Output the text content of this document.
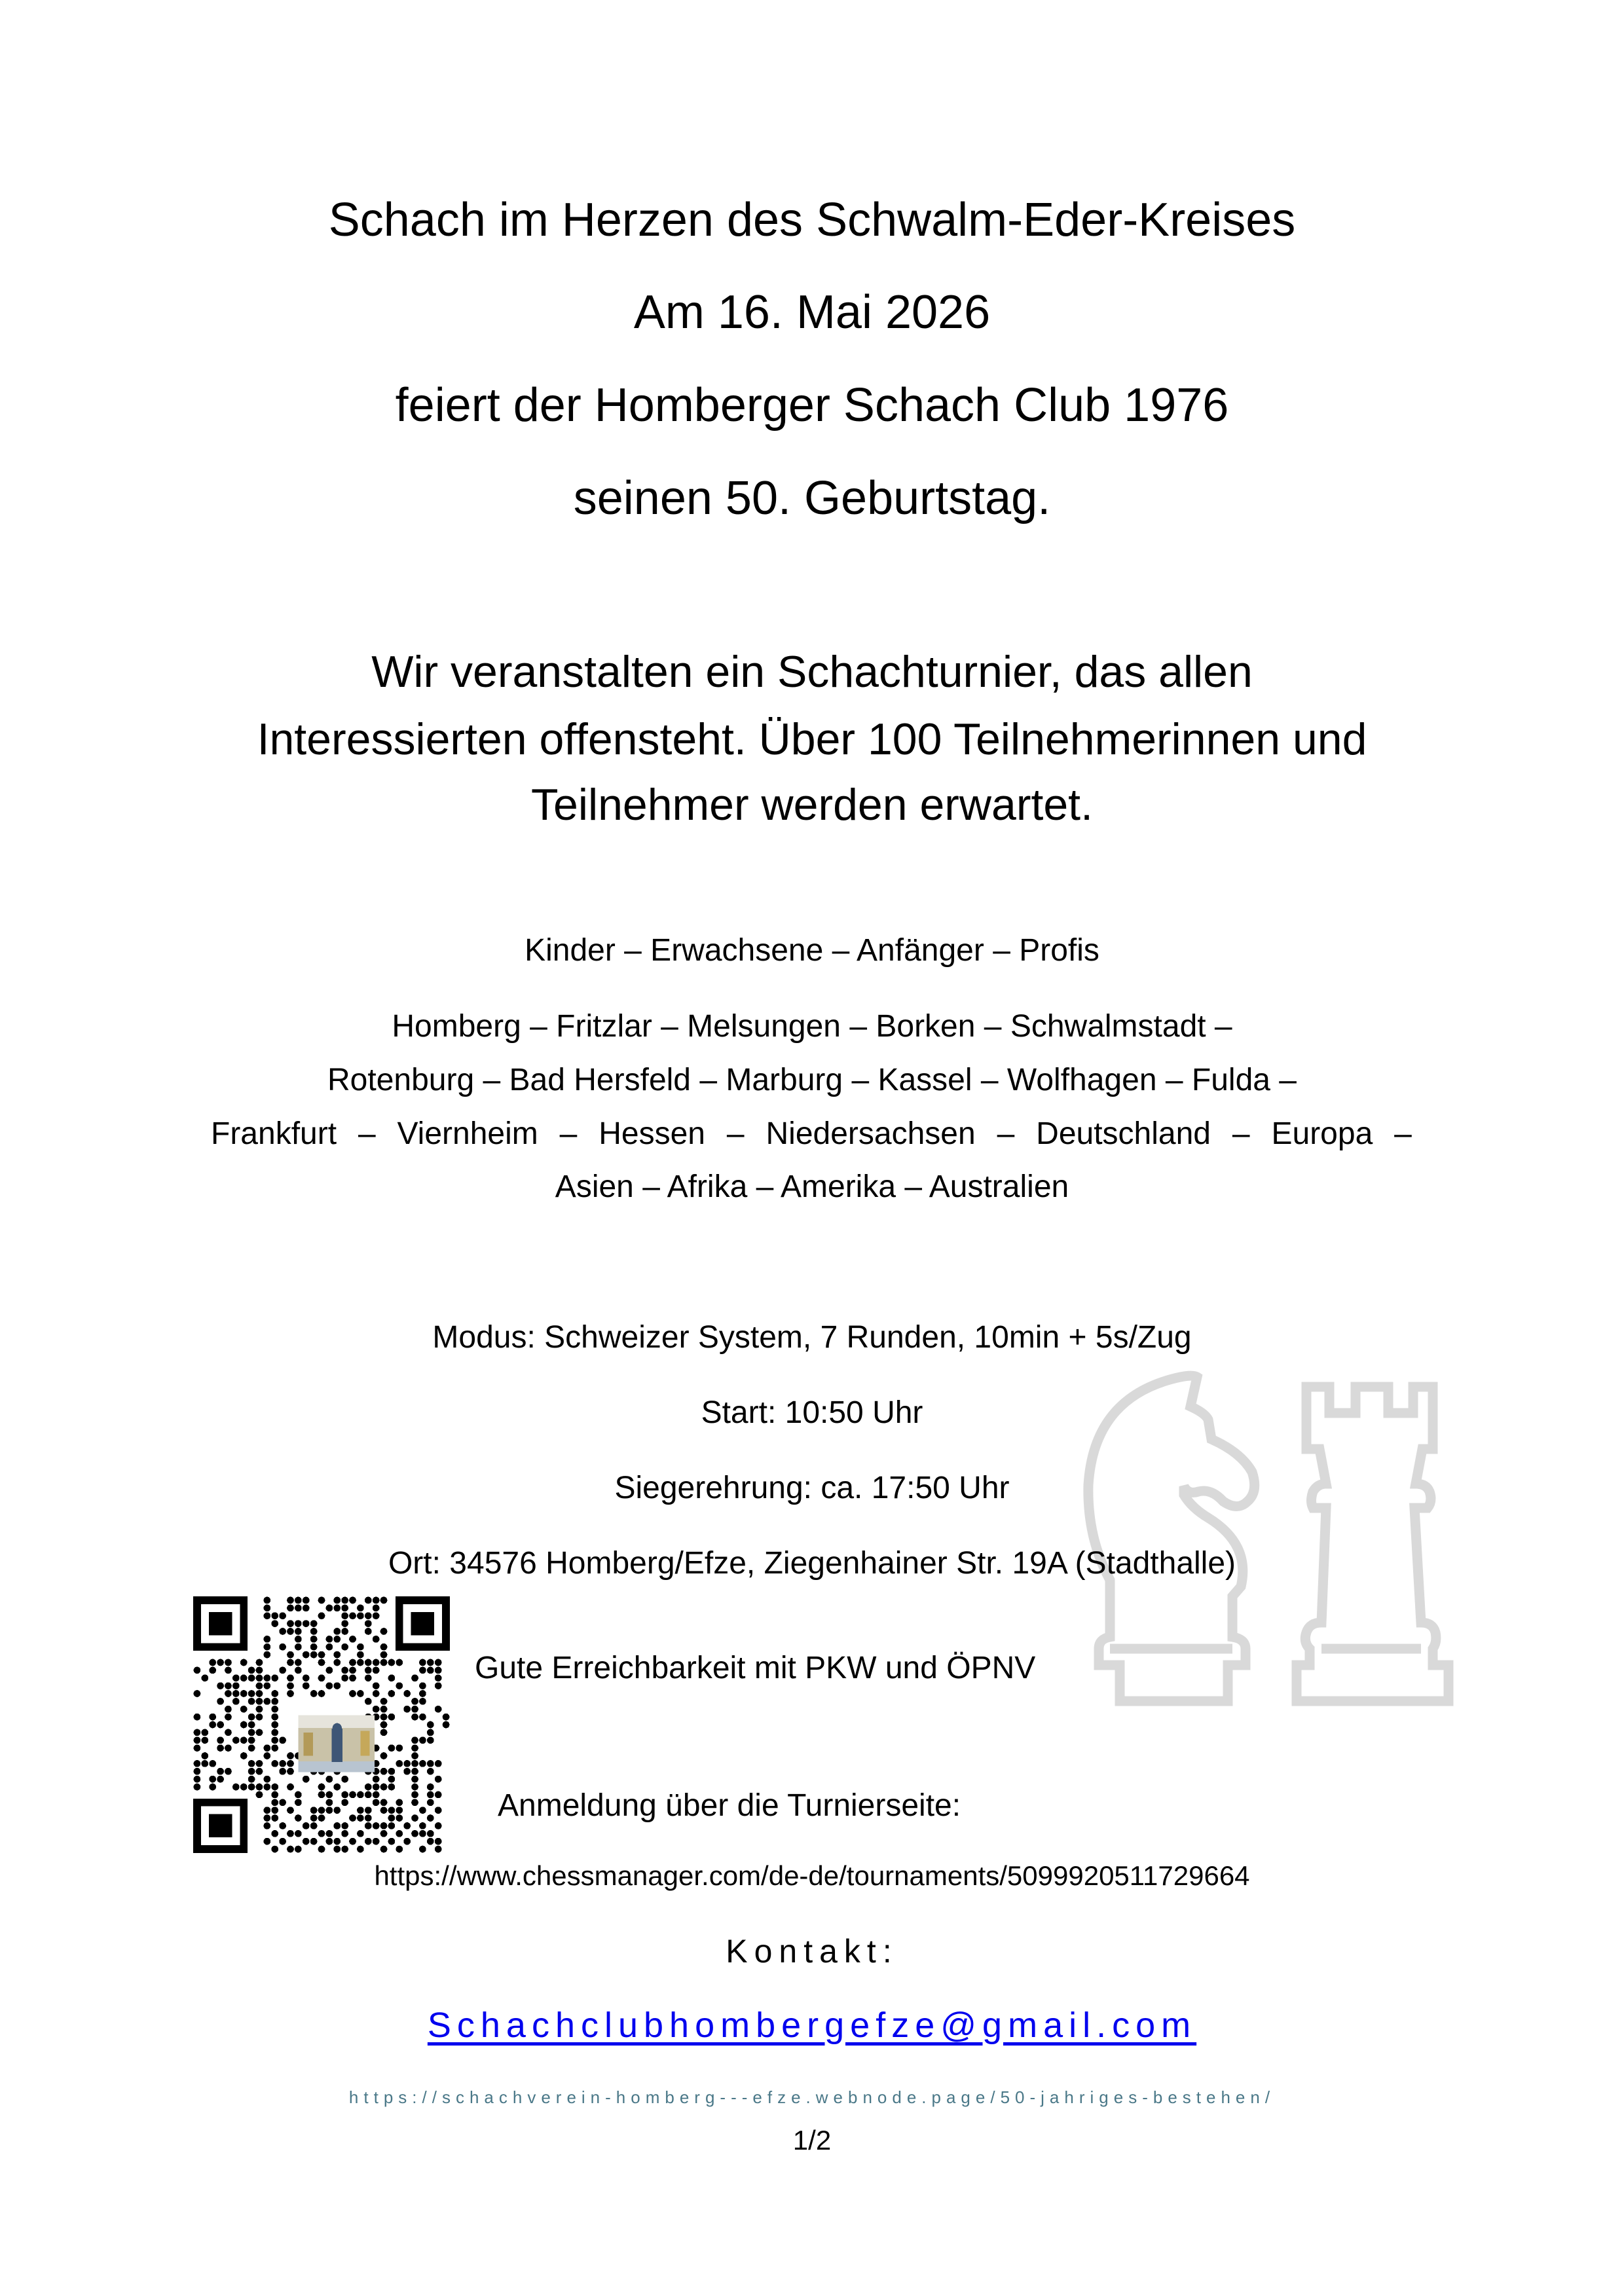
Schach im Herzen des Schwalm-Eder-Kreises
Am 16. Mai 2026
feiert der Homberger Schach Club 1976
seinen 50. Geburtstag.
Wir veranstalten ein Schachturnier, das allen
Interessierten offensteht. Über 100 Teilnehmerinnen und
Teilnehmer werden erwartet.
Kinder – Erwachsene – Anfänger – Profis
Homberg – Fritzlar – Melsungen – Borken – Schwalmstadt –
Rotenburg – Bad Hersfeld – Marburg – Kassel – Wolfhagen – Fulda –
Frankfurt – Viernheim – Hessen – Niedersachsen – Deutschland – Europa –
Asien – Afrika – Amerika – Australien
Modus: Schweizer System, 7 Runden, 10min + 5s/Zug
Start: 10:50 Uhr
Siegerehrung: ca. 17:50 Uhr
Ort: 34576 Homberg/Efze, Ziegenhainer Str. 19A (Stadthalle)
Gute Erreichbarkeit mit PKW und ÖPNV
Anmeldung über die Turnierseite:
https://www.chessmanager.com/de-de/tournaments/5099920511729664
Kontakt:
Schachclubhombergefze@gmail.com
https://schachverein-homberg---efze.webnode.page/50-jahriges-bestehen/
1/2
